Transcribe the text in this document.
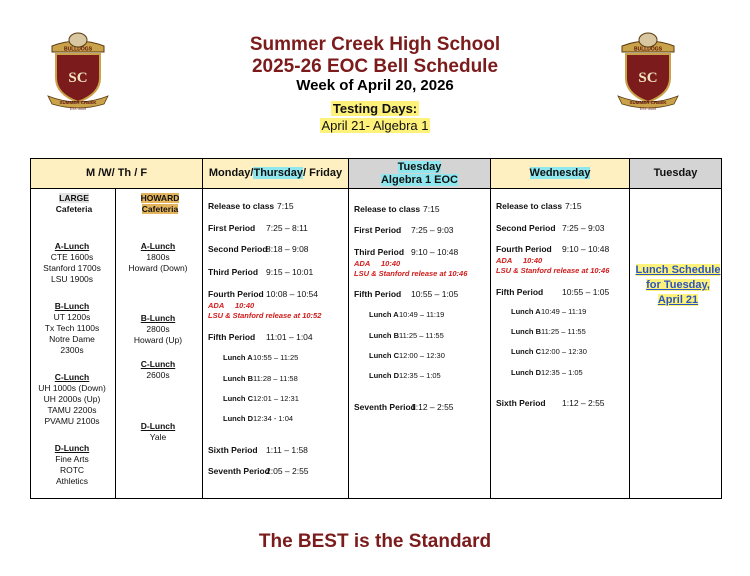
BULLDOGS
SC
SUMMER CREEK
EST. 2009
BULLDOGS
SC
SUMMER CREEK
EST. 2009
Summer Creek High School
2025-26 EOC Bell Schedule
Week of April 20, 2026
Testing Days:
April 21- Algebra 1
M /W/ Th / F
LARGE
Cafeteria
HOWARD
Cafeteria
A-Lunch
CTE 1600s
Stanford 1700s
LSU 1900s
B-Lunch
UT 1200s
Tx Tech 1100s
Notre Dame
2300s
C-Lunch
UH 1000s (Down)
UH 2000s (Up)
TAMU 2200s
PVAMU 2100s
D-Lunch
Fine Arts
ROTC
Athletics
A-Lunch
1800s
Howard (Down)
B-Lunch
2800s
Howard (Up)
C-Lunch
2600s
D-Lunch
Yale
Monday/Thursday/ Friday
Release to class 7:15
First Period 7:25 – 8:11
Second Period
8:18 – 9:08
Third Period 9:15 – 10:01
Fourth Period 10:08 – 10:54
ADA 10:40
LSU & Stanford release at 10:52
Fifth Period 11:01 – 1:04
Lunch A 10:55 – 11:25
Lunch B 11:28 – 11:58
Lunch C 12:01 – 12:31
Lunch D 12:34 - 1:04
Sixth Period 1:11 – 1:58
Seventh Period
2:05 – 2:55
Tuesday
Algebra 1 EOC
Release to class 7:15
First Period 7:25 – 9:03
Third Period 9:10 – 10:48
ADA 10:40
LSU & Stanford release at 10:46
Fifth Period 10:55 – 1:05
Lunch A 10:49 – 11:19
Lunch B 11:25 – 11:55
Lunch C 12:00 – 12:30
Lunch D 12:35 – 1:05
Seventh Period
1:12 – 2:55
Wednesday
Release to class 7:15
Second Period 7:25 – 9:03
Fourth Period 9:10 – 10:48
ADA 10:40
LSU & Stanford release at 10:46
Fifth Period 10:55 – 1:05
Lunch A 10:49 – 11:19
Lunch B 11:25 – 11:55
Lunch C 12:00 – 12:30
Lunch D 12:35 – 1:05
Sixth Period 1:12 – 2:55
Tuesday
Lunch Schedule
for Tuesday,
April 21
The BEST is the Standard
